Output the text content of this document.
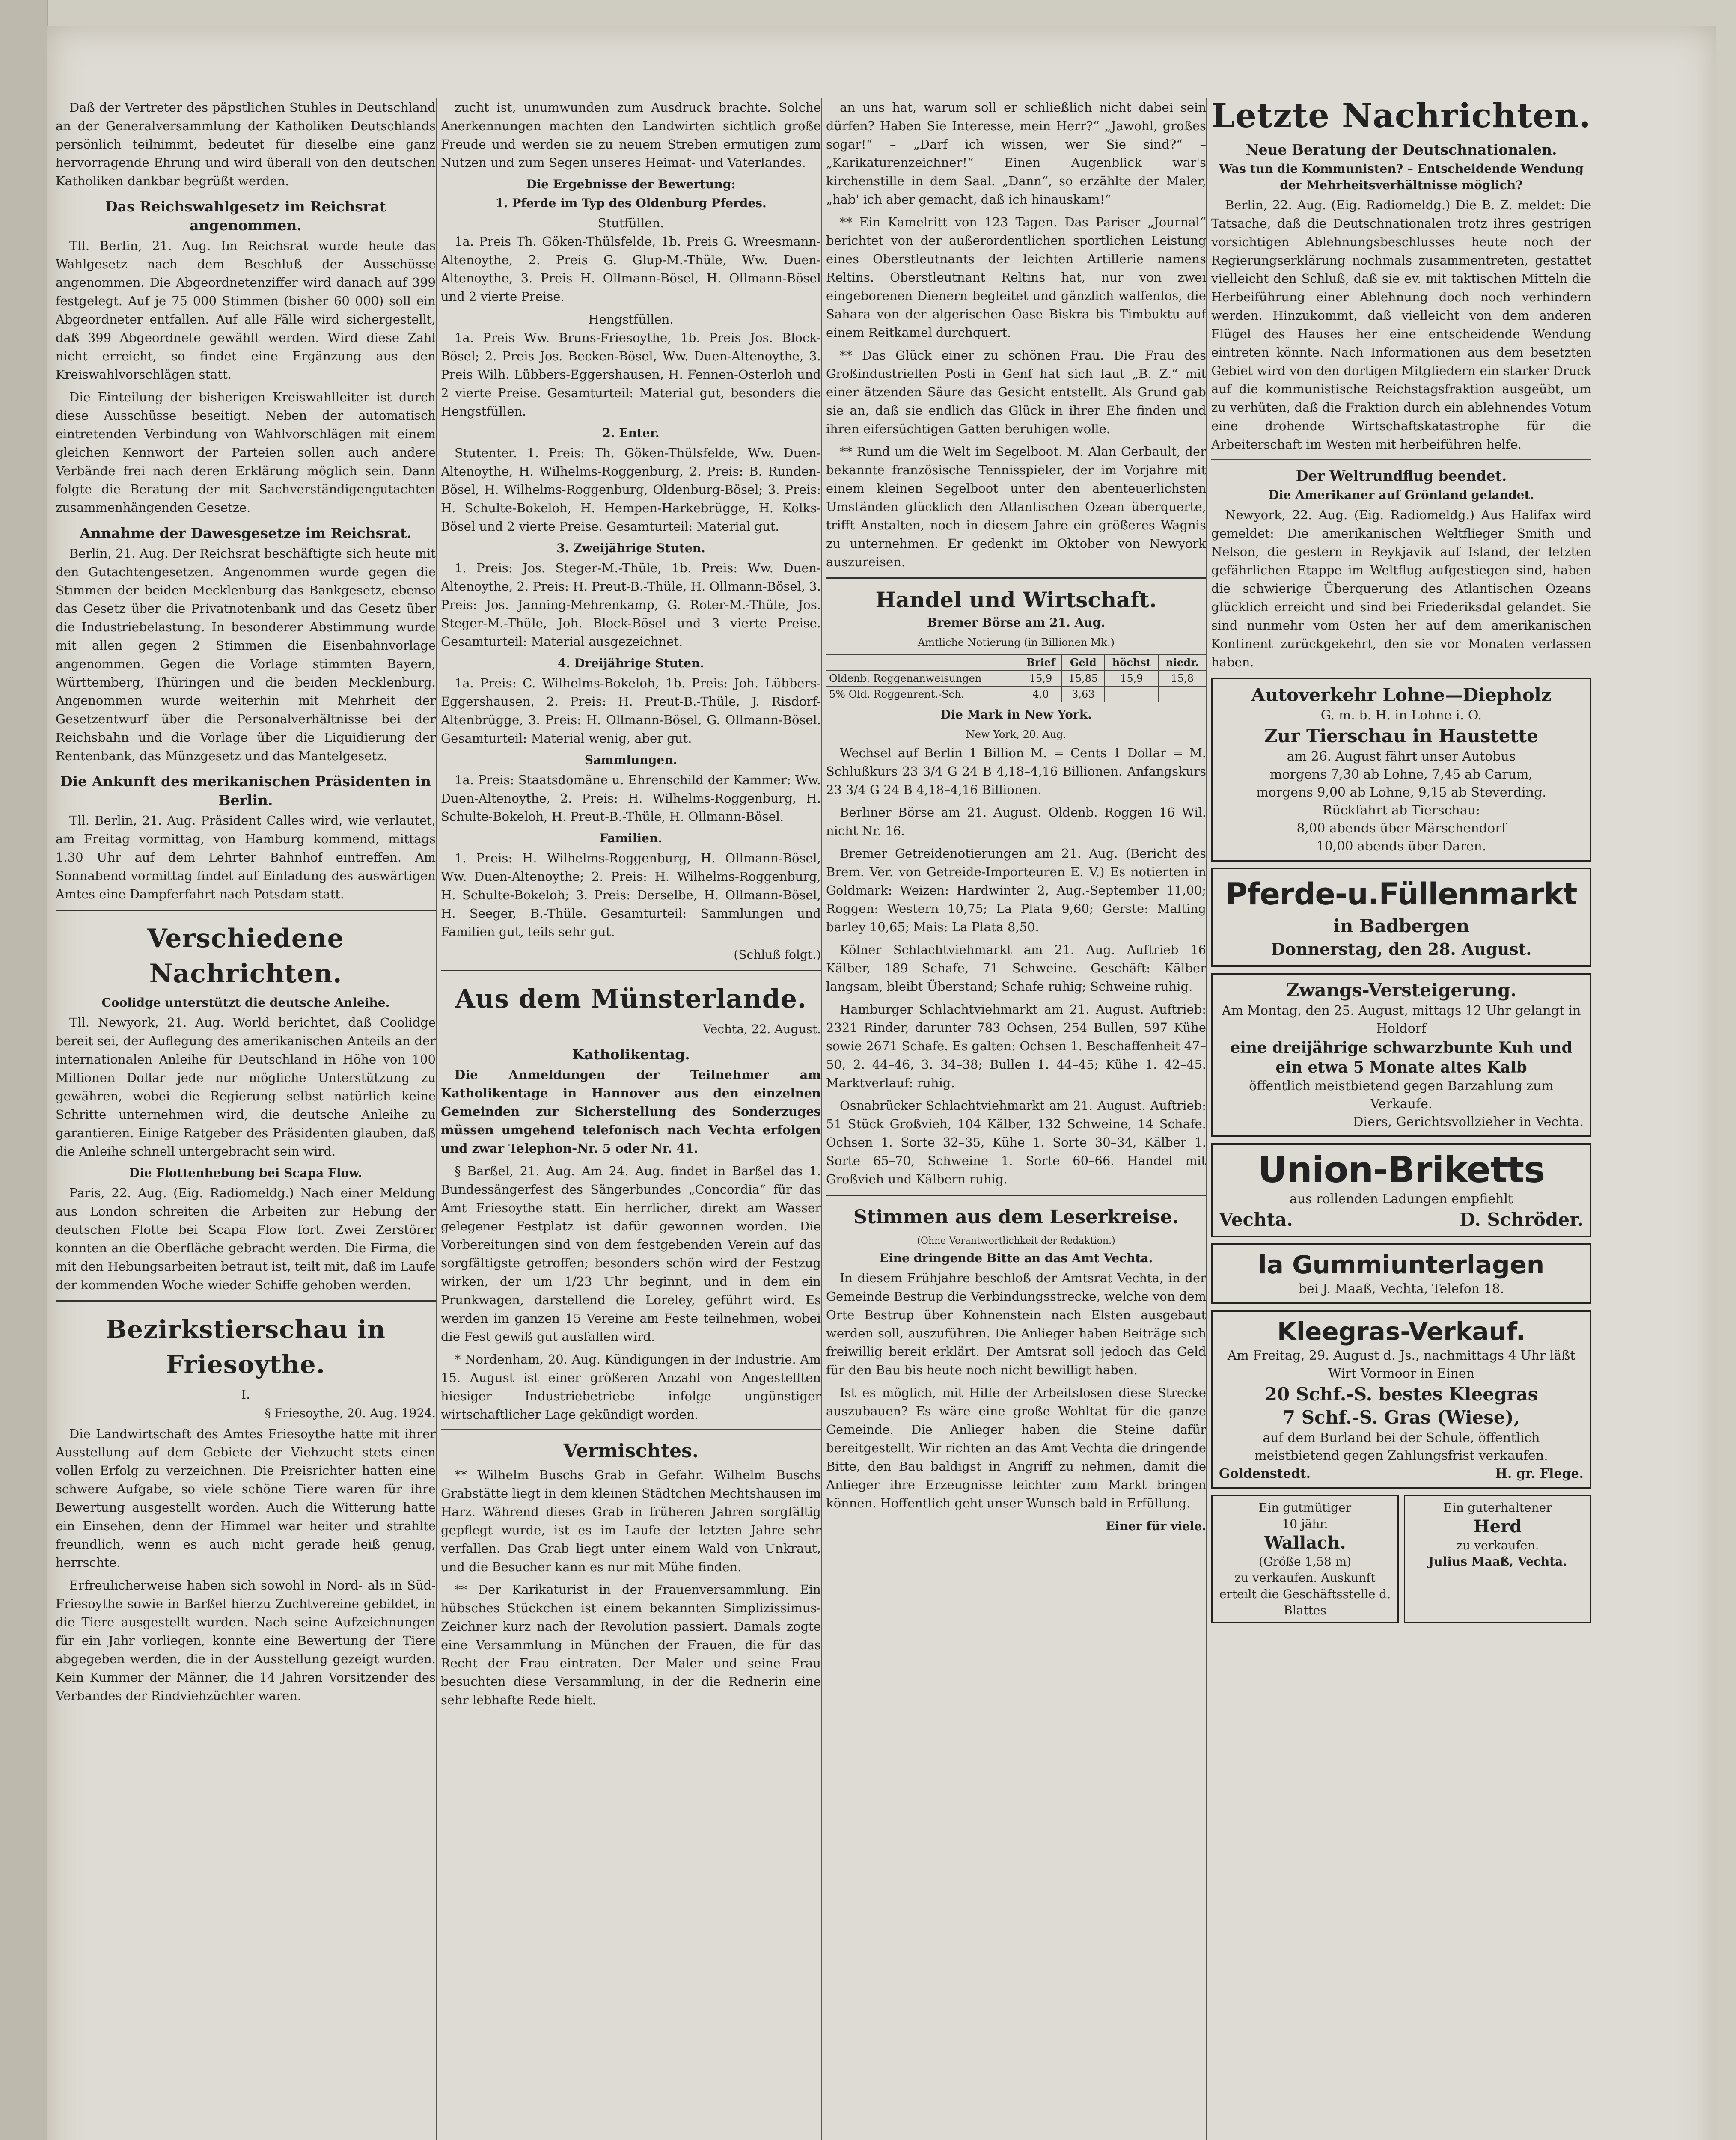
Daß der Vertreter des päpstlichen Stuhles in Deutschland an der Generalversammlung der Katholiken Deutschlands persönlich teilnimmt, bedeutet für dieselbe eine ganz hervorragende Ehrung und wird überall von den deutschen Katholiken dankbar begrüßt werden.

Das Reichswahlgesetz im Reichsrat angenommen.

Tll. Berlin, 21. Aug. Im Reichsrat wurde heute das Wahlgesetz nach dem Beschluß der Ausschüsse angenommen. Die Abgeordnetenziffer wird danach auf 399 festgelegt. Auf je 75 000 Stimmen (bisher 60 000) soll ein Abgeordneter entfallen. Auf alle Fälle wird sichergestellt, daß 399 Abgeordnete gewählt werden. Wird diese Zahl nicht erreicht, so findet eine Ergänzung aus den Kreiswahlvorschlägen statt.

Die Einteilung der bisherigen Kreiswahlleiter ist durch diese Ausschüsse beseitigt. Neben der automatisch eintretenden Verbindung von Wahlvorschlägen mit einem gleichen Kennwort der Parteien sollen auch andere Verbände frei nach deren Erklärung möglich sein. Dann folgte die Beratung der mit Sachverständigengutachten zusammenhängenden Gesetze.

Annahme der Dawesgesetze im Reichsrat.

Berlin, 21. Aug. Der Reichsrat beschäftigte sich heute mit den Gutachtengesetzen. Angenommen wurde gegen die Stimmen der beiden Mecklenburg das Bankgesetz, ebenso das Gesetz über die Privatnotenbank und das Gesetz über die Industriebelastung. In besonderer Abstimmung wurde mit allen gegen 2 Stimmen die Eisenbahnvorlage angenommen. Gegen die Vorlage stimmten Bayern, Württemberg, Thüringen und die beiden Mecklenburg. Angenommen wurde weiterhin mit Mehrheit der Gesetzentwurf über die Personalverhältnisse bei der Reichsbahn und die Vorlage über die Liquidierung der Rentenbank, das Münzgesetz und das Mantelgesetz.

Die Ankunft des merikanischen Präsidenten in Berlin.

Tll. Berlin, 21. Aug. Präsident Calles wird, wie verlautet, am Freitag vormittag, von Hamburg kommend, mittags 1.30 Uhr auf dem Lehrter Bahnhof eintreffen. Am Sonnabend vormittag findet auf Einladung des auswärtigen Amtes eine Dampferfahrt nach Potsdam statt.

Verschiedene Nachrichten.
Coolidge unterstützt die deutsche Anleihe.

Tll. Newyork, 21. Aug. World berichtet, daß Coolidge bereit sei, der Auflegung des amerikanischen Anteils an der internationalen Anleihe für Deutschland in Höhe von 100 Millionen Dollar jede nur mögliche Unterstützung zu gewähren, wobei die Regierung selbst natürlich keine Schritte unternehmen wird, die deutsche Anleihe zu garantieren. Einige Ratgeber des Präsidenten glauben, daß die Anleihe schnell untergebracht sein wird.

Die Flottenhebung bei Scapa Flow.

Paris, 22. Aug. (Eig. Radiomeldg.) Nach einer Meldung aus London schreiten die Arbeiten zur Hebung der deutschen Flotte bei Scapa Flow fort. Zwei Zerstörer konnten an die Oberfläche gebracht werden. Die Firma, die mit den Hebungsarbeiten betraut ist, teilt mit, daß im Laufe der kommenden Woche wieder Schiffe gehoben werden.

Bezirkstierschau in Friesoythe.
I.
§ Friesoythe, 20. Aug. 1924.

Die Landwirtschaft des Amtes Friesoythe hatte mit ihrer Ausstellung auf dem Gebiete der Viehzucht stets einen vollen Erfolg zu verzeichnen. Die Preisrichter hatten eine schwere Aufgabe, so viele schöne Tiere waren für ihre Bewertung ausgestellt worden. Auch die Witterung hatte ein Einsehen, denn der Himmel war heiter und strahlte freundlich, wenn es auch nicht gerade heiß genug, herrschte.

Erfreulicherweise haben sich sowohl in Nord- als in Süd-Friesoythe sowie in Barßel hierzu Zuchtvereine gebildet, in die Tiere ausgestellt wurden. Nach seine Aufzeichnungen für ein Jahr vorliegen, konnte eine Bewertung der Tiere abgegeben werden, die in der Ausstellung gezeigt wurden. Kein Kummer der Männer, die 14 Jahren Vorsitzender des Verbandes der Rindviehzüchter waren.

zucht ist, unumwunden zum Ausdruck brachte. Solche Anerkennungen machten den Landwirten sichtlich große Freude und werden sie zu neuem Streben ermutigen zum Nutzen und zum Segen unseres Heimat- und Vaterlandes.

Die Ergebnisse der Bewertung:
1. Pferde im Typ des Oldenburg Pferdes.
Stutfüllen.

1a. Preis Th. Göken-Thülsfelde, 1b. Preis G. Wreesmann-Altenoythe, 2. Preis G. Glup-M.-Thüle, Ww. Duen-Altenoythe, 3. Preis H. Ollmann-Bösel, H. Ollmann-Bösel und 2 vierte Preise.

Hengstfüllen.

1a. Preis Ww. Bruns-Friesoythe, 1b. Preis Jos. Block-Bösel; 2. Preis Jos. Becken-Bösel, Ww. Duen-Altenoythe, 3. Preis Wilh. Lübbers-Eggershausen, H. Fennen-Osterloh und 2 vierte Preise. Gesamturteil: Material gut, besonders die Hengstfüllen.

2. Enter.

Stutenter. 1. Preis: Th. Göken-Thülsfelde, Ww. Duen-Altenoythe, H. Wilhelms-Roggenburg, 2. Preis: B. Runden-Bösel, H. Wilhelms-Roggenburg, Oldenburg-Bösel; 3. Preis: H. Schulte-Bokeloh, H. Hempen-Harkebrügge, H. Kolks-Bösel und 2 vierte Preise. Gesamturteil: Material gut.

3. Zweijährige Stuten.

1. Preis: Jos. Steger-M.-Thüle, 1b. Preis: Ww. Duen-Altenoythe, 2. Preis: H. Preut-B.-Thüle, H. Ollmann-Bösel, 3. Preis: Jos. Janning-Mehrenkamp, G. Roter-M.-Thüle, Jos. Steger-M.-Thüle, Joh. Block-Bösel und 3 vierte Preise. Gesamturteil: Material ausgezeichnet.

4. Dreijährige Stuten.

1a. Preis: C. Wilhelms-Bokeloh, 1b. Preis: Joh. Lübbers-Eggershausen, 2. Preis: H. Preut-B.-Thüle, J. Risdorf-Altenbrügge, 3. Preis: H. Ollmann-Bösel, G. Ollmann-Bösel. Gesamturteil: Material wenig, aber gut.

Sammlungen.

1a. Preis: Staatsdomäne u. Ehrenschild der Kammer: Ww. Duen-Altenoythe, 2. Preis: H. Wilhelms-Roggenburg, H. Schulte-Bokeloh, H. Preut-B.-Thüle, H. Ollmann-Bösel.

Familien.

1. Preis: H. Wilhelms-Roggenburg, H. Ollmann-Bösel, Ww. Duen-Altenoythe; 2. Preis: H. Wilhelms-Roggenburg, H. Schulte-Bokeloh; 3. Preis: Derselbe, H. Ollmann-Bösel, H. Seeger, B.-Thüle. Gesamturteil: Sammlungen und Familien gut, teils sehr gut.

(Schluß folgt.)
Aus dem Münsterlande.
Vechta, 22. August.
Katholikentag.

Die Anmeldungen der Teilnehmer am Katholikentage in Hannover aus den einzelnen Gemeinden zur Sicherstellung des Sonderzuges müssen umgehend telefonisch nach Vechta erfolgen und zwar Telephon-Nr. 5 oder Nr. 41.

§ Barßel, 21. Aug. Am 24. Aug. findet in Barßel das 1. Bundessängerfest des Sängerbundes „Concordia“ für das Amt Friesoythe statt. Ein herrlicher, direkt am Wasser gelegener Festplatz ist dafür gewonnen worden. Die Vorbereitungen sind von dem festgebenden Verein auf das sorgfältigste getroffen; besonders schön wird der Festzug wirken, der um 1/23 Uhr beginnt, und in dem ein Prunkwagen, darstellend die Loreley, geführt wird. Es werden im ganzen 15 Vereine am Feste teilnehmen, wobei die Fest gewiß gut ausfallen wird.

* Nordenham, 20. Aug. Kündigungen in der Industrie. Am 15. August ist einer größeren Anzahl von Angestellten hiesiger Industriebetriebe infolge ungünstiger wirtschaftlicher Lage gekündigt worden.

Vermischtes.

** Wilhelm Buschs Grab in Gefahr. Wilhelm Buschs Grabstätte liegt in dem kleinen Städtchen Mechtshausen im Harz. Während dieses Grab in früheren Jahren sorgfältig gepflegt wurde, ist es im Laufe der letzten Jahre sehr verfallen. Das Grab liegt unter einem Wald von Unkraut, und die Besucher kann es nur mit Mühe finden.

** Der Karikaturist in der Frauenversammlung. Ein hübsches Stückchen ist einem bekannten Simplizissimus-Zeichner kurz nach der Revolution passiert. Damals zogte eine Versammlung in München der Frauen, die für das Recht der Frau eintraten. Der Maler und seine Frau besuchten diese Versammlung, in der die Rednerin eine sehr lebhafte Rede hielt.

an uns hat, warum soll er schließlich nicht dabei sein dürfen? Haben Sie Interesse, mein Herr?“ „Jawohl, großes sogar!“ – „Darf ich wissen, wer Sie sind?“ – „Karikaturenzeichner!“ Einen Augenblick war's kirchenstille in dem Saal. „Dann“, so erzählte der Maler, „hab' ich aber gemacht, daß ich hinauskam!“

** Ein Kamelritt von 123 Tagen. Das Pariser „Journal“ berichtet von der außerordentlichen sportlichen Leistung eines Oberstleutnants der leichten Artillerie namens Reltins. Oberstleutnant Reltins hat, nur von zwei eingeborenen Dienern begleitet und gänzlich waffenlos, die Sahara von der algerischen Oase Biskra bis Timbuktu auf einem Reitkamel durchquert.

** Das Glück einer zu schönen Frau. Die Frau des Großindustriellen Posti in Genf hat sich laut „B. Z.“ mit einer ätzenden Säure das Gesicht entstellt. Als Grund gab sie an, daß sie endlich das Glück in ihrer Ehe finden und ihren eifersüchtigen Gatten beruhigen wolle.

** Rund um die Welt im Segelboot. M. Alan Gerbault, der bekannte französische Tennisspieler, der im Vorjahre mit einem kleinen Segelboot unter den abenteuerlichsten Umständen glücklich den Atlantischen Ozean überquerte, trifft Anstalten, noch in diesem Jahre ein größeres Wagnis zu unternehmen. Er gedenkt im Oktober von Newyork auszureisen.

Handel und Wirtschaft.
Bremer Börse am 21. Aug.
Amtliche Notierung (in Billionen Mk.)
	Brief	Geld	höchst	niedr.
Oldenb. Roggenanweisungen	15,9	15,85	15,9	15,8
5% Old. Roggenrent.-Sch.	4,0	3,63		
Die Mark in New York.
New York, 20. Aug.

Wechsel auf Berlin 1 Billion M. = Cents 1 Dollar = M. Schlußkurs 23 3/4 G 24 B 4,18–4,16 Billionen. Anfangskurs 23 3/4 G 24 B 4,18–4,16 Billionen.

Berliner Börse am 21. August. Oldenb. Roggen 16 Wil. nicht Nr. 16.

Bremer Getreidenotierungen am 21. Aug. (Bericht des Brem. Ver. von Getreide-Importeuren E. V.) Es notierten in Goldmark: Weizen: Hardwinter 2, Aug.-September 11,00; Roggen: Western 10,75; La Plata 9,60; Gerste: Malting barley 10,65; Mais: La Plata 8,50.

Kölner Schlachtviehmarkt am 21. Aug. Auftrieb 16 Kälber, 189 Schafe, 71 Schweine. Geschäft: Kälber langsam, bleibt Überstand; Schafe ruhig; Schweine ruhig.

Hamburger Schlachtviehmarkt am 21. August. Auftrieb: 2321 Rinder, darunter 783 Ochsen, 254 Bullen, 597 Kühe sowie 2671 Schafe. Es galten: Ochsen 1. Beschaffenheit 47–50, 2. 44–46, 3. 34–38; Bullen 1. 44–45; Kühe 1. 42–45. Marktverlauf: ruhig.

Osnabrücker Schlachtviehmarkt am 21. August. Auftrieb: 51 Stück Großvieh, 104 Kälber, 132 Schweine, 14 Schafe. Ochsen 1. Sorte 32–35, Kühe 1. Sorte 30–34, Kälber 1. Sorte 65–70, Schweine 1. Sorte 60–66. Handel mit Großvieh und Kälbern ruhig.

Stimmen aus dem Leserkreise.
(Ohne Verantwortlichkeit der Redaktion.)
Eine dringende Bitte an das Amt Vechta.

In diesem Frühjahre beschloß der Amtsrat Vechta, in der Gemeinde Bestrup die Verbindungsstrecke, welche von dem Orte Bestrup über Kohnenstein nach Elsten ausgebaut werden soll, auszuführen. Die Anlieger haben Beiträge sich freiwillig bereit erklärt. Der Amtsrat soll jedoch das Geld für den Bau bis heute noch nicht bewilligt haben.

Ist es möglich, mit Hilfe der Arbeitslosen diese Strecke auszubauen? Es wäre eine große Wohltat für die ganze Gemeinde. Die Anlieger haben die Steine dafür bereitgestellt. Wir richten an das Amt Vechta die dringende Bitte, den Bau baldigst in Angriff zu nehmen, damit die Anlieger ihre Erzeugnisse leichter zum Markt bringen können. Hoffentlich geht unser Wunsch bald in Erfüllung.

Einer für viele.
Letzte Nachrichten.
Neue Beratung der Deutschnationalen.
Was tun die Kommunisten? – Entscheidende Wendung der Mehrheitsverhältnisse möglich?

Berlin, 22. Aug. (Eig. Radiomeldg.) Die B. Z. meldet: Die Tatsache, daß die Deutschnationalen trotz ihres gestrigen vorsichtigen Ablehnungsbeschlusses heute noch der Regierungserklärung nochmals zusammentreten, gestattet vielleicht den Schluß, daß sie ev. mit taktischen Mitteln die Herbeiführung einer Ablehnung doch noch verhindern werden. Hinzukommt, daß vielleicht von dem anderen Flügel des Hauses her eine entscheidende Wendung eintreten könnte. Nach Informationen aus dem besetzten Gebiet wird von den dortigen Mitgliedern ein starker Druck auf die kommunistische Reichstagsfraktion ausgeübt, um zu verhüten, daß die Fraktion durch ein ablehnendes Votum eine drohende Wirtschaftskatastrophe für die Arbeiterschaft im Westen mit herbeiführen helfe.

Der Weltrundflug beendet.
Die Amerikaner auf Grönland gelandet.

Newyork, 22. Aug. (Eig. Radiomeldg.) Aus Halifax wird gemeldet: Die amerikanischen Weltflieger Smith und Nelson, die gestern in Reykjavik auf Island, der letzten gefährlichen Etappe im Weltflug aufgestiegen sind, haben die schwierige Überquerung des Atlantischen Ozeans glücklich erreicht und sind bei Friederiksdal gelandet. Sie sind nunmehr vom Osten her auf dem amerikanischen Kontinent zurückgekehrt, den sie vor Monaten verlassen haben.

Autoverkehr Lohne—Diepholz
G. m. b. H. in Lohne i. O.
Zur Tierschau in Haustette
am 26. August fährt unser Autobus
morgens 7,30 ab Lohne, 7,45 ab Carum,
morgens 9,00 ab Lohne, 9,15 ab Steverding.
Rückfahrt ab Tierschau:
8,00 abends über Märschendorf
10,00 abends über Daren.
Pferde-u.Füllenmarkt
in Badbergen
Donnerstag, den 28. August.
Zwangs-Versteigerung.
Am Montag, den 25. August, mittags 12 Uhr gelangt in Holdorf
eine dreijährige schwarzbunte Kuh und ein etwa 5 Monate altes Kalb
öffentlich meistbietend gegen Barzahlung zum Verkaufe.
Diers, Gerichtsvollzieher in Vechta.
Union-Briketts
aus rollenden Ladungen empfiehlt
Vechta.	D. Schröder.
la Gummiunterlagen
bei J. Maaß, Vechta, Telefon 18.
Kleegras-Verkauf.
Am Freitag, 29. August d. Js., nachmittags 4 Uhr läßt Wirt Vormoor in Einen
20 Schf.-S. bestes Kleegras
7 Schf.-S. Gras (Wiese),
auf dem Burland bei der Schule, öffentlich meistbietend gegen Zahlungsfrist verkaufen.
Goldenstedt.	H. gr. Flege.
Ein gutmütiger
10 jähr.
Wallach.
(Größe 1,58 m)
zu verkaufen. Auskunft erteilt die Geschäftsstelle d. Blattes
Ein guterhaltener
Herd
zu verkaufen.
Julius Maaß, Vechta.
